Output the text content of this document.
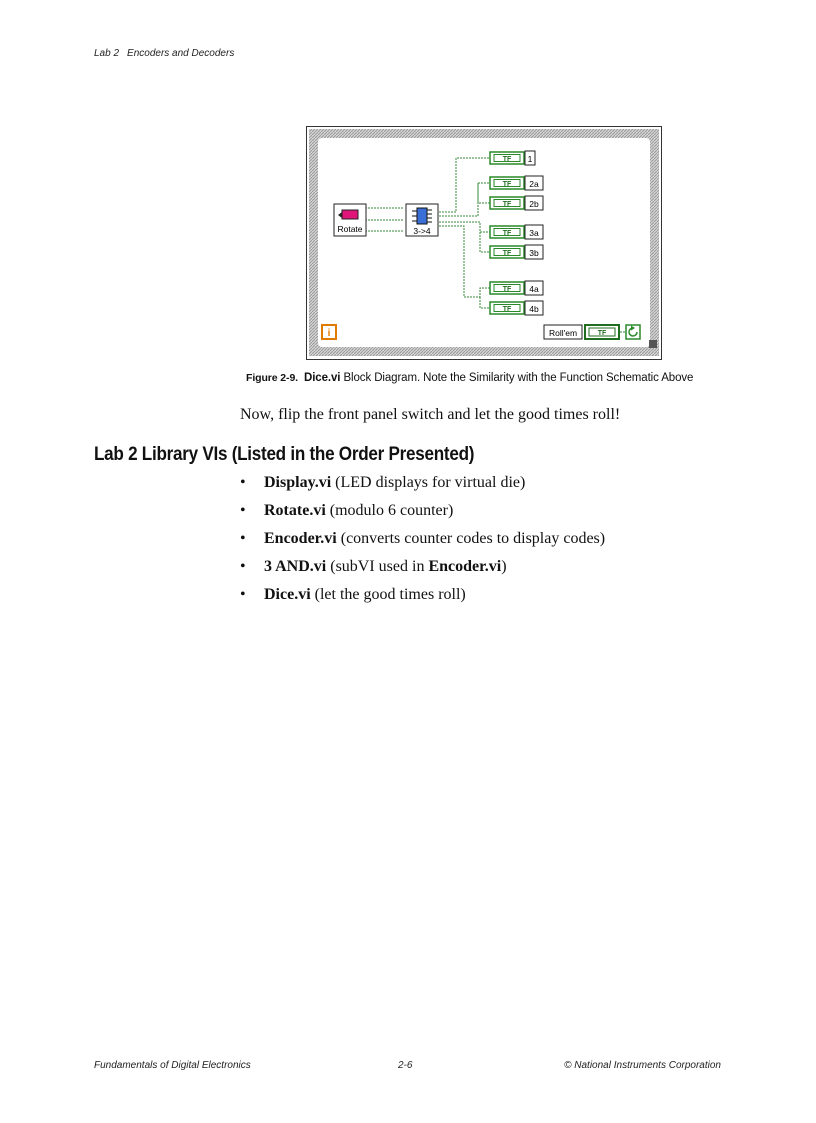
Lab 2 Encoders and Decoders
Rotate	3->4
TF 1
TF 2a
TF 2b
TF 3a
TF 3b
TF 4a
TF 4b
i	Roll'em	TF
Figure 2-9. Dice.vi Block Diagram. Note the Similarity with the Function Schematic Above
Now, flip the front panel switch and let the good times roll!
Lab 2 Library VIs (Listed in the Order Presented)
• Display.vi (LED displays for virtual die)
• Rotate.vi (modulo 6 counter)
• Encoder.vi (converts counter codes to display codes)
• 3 AND.vi (subVI used in Encoder.vi)
• Dice.vi (let the good times roll)
Fundamentals of Digital Electronics	2-6	© National Instruments Corporation
